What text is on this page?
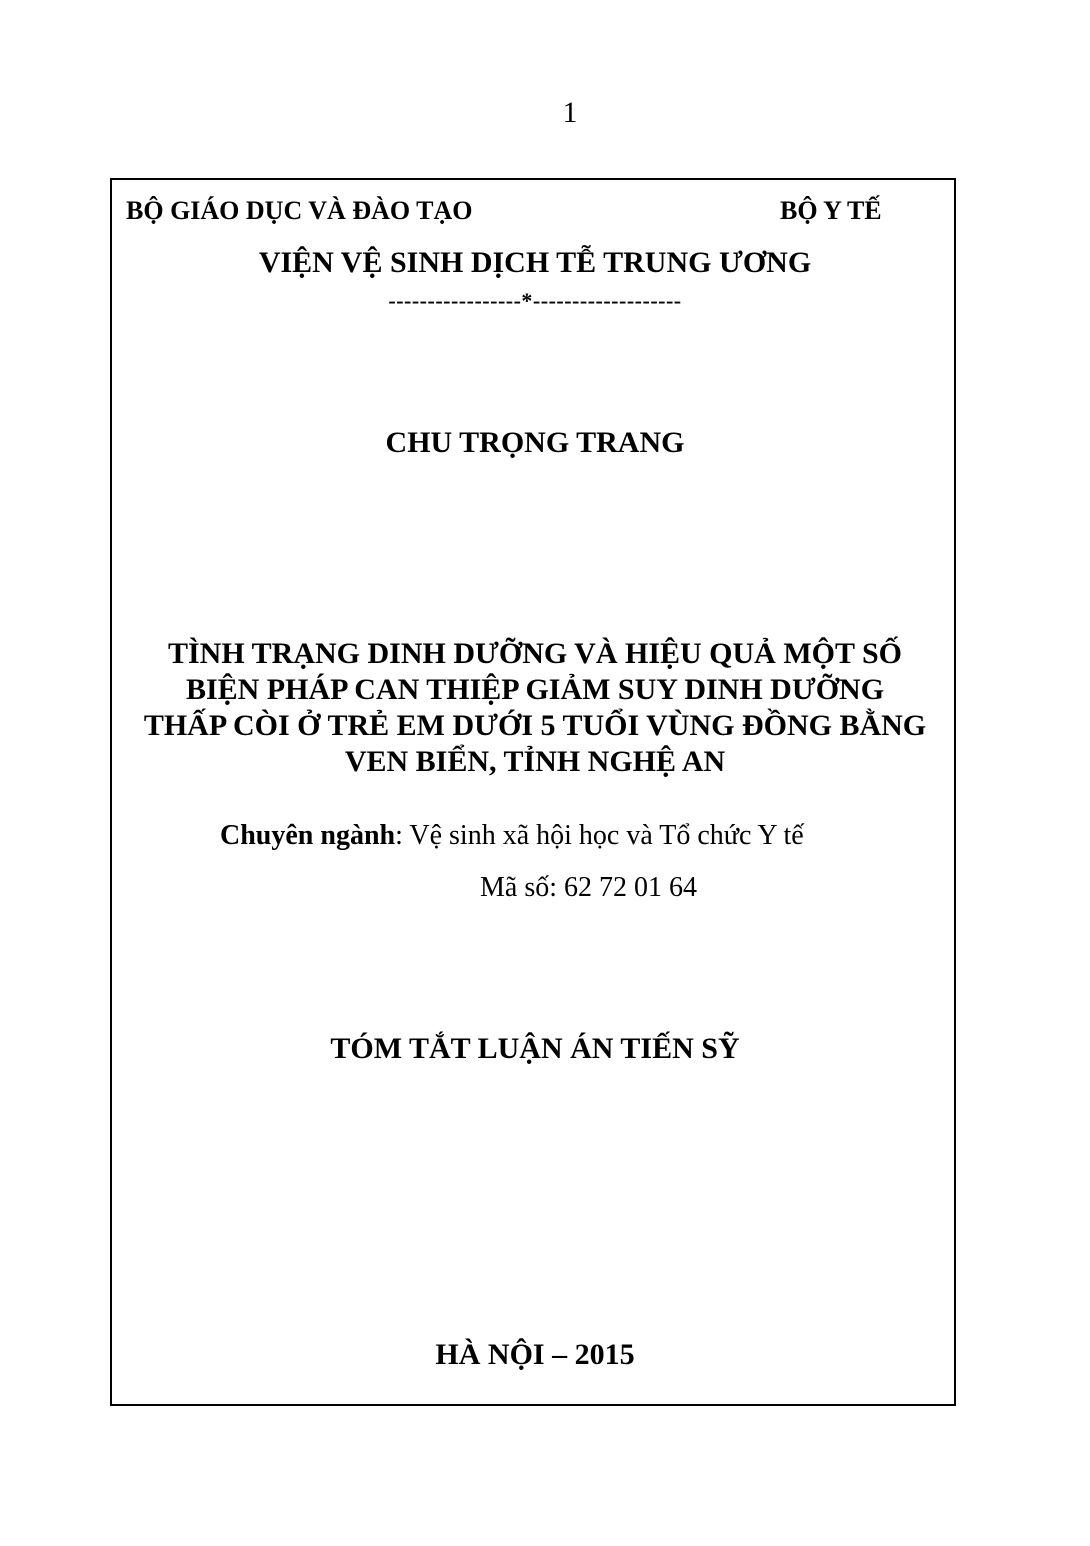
1
BỘ GIÁO DỤC VÀ ĐÀO TẠO	BỘ Y TẾ
VIỆN VỆ SINH DỊCH TỄ TRUNG ƯƠNG
-----------------*-------------------
CHU TRỌNG TRANG
TÌNH TRẠNG DINH DƯỠNG VÀ HIỆU QUẢ MỘT SỐ
BIỆN PHÁP CAN THIỆP GIẢM SUY DINH DƯỠNG
THẤP CÒI Ở TRẺ EM DƯỚI 5 TUỔI VÙNG ĐỒNG BẰNG
VEN BIỂN, TỈNH NGHỆ AN
Chuyên ngành: Vệ sinh xã hội học và Tổ chức Y tế
Mã số: 62 72 01 64
TÓM TẮT LUẬN ÁN TIẾN SỸ
HÀ NỘI – 2015
